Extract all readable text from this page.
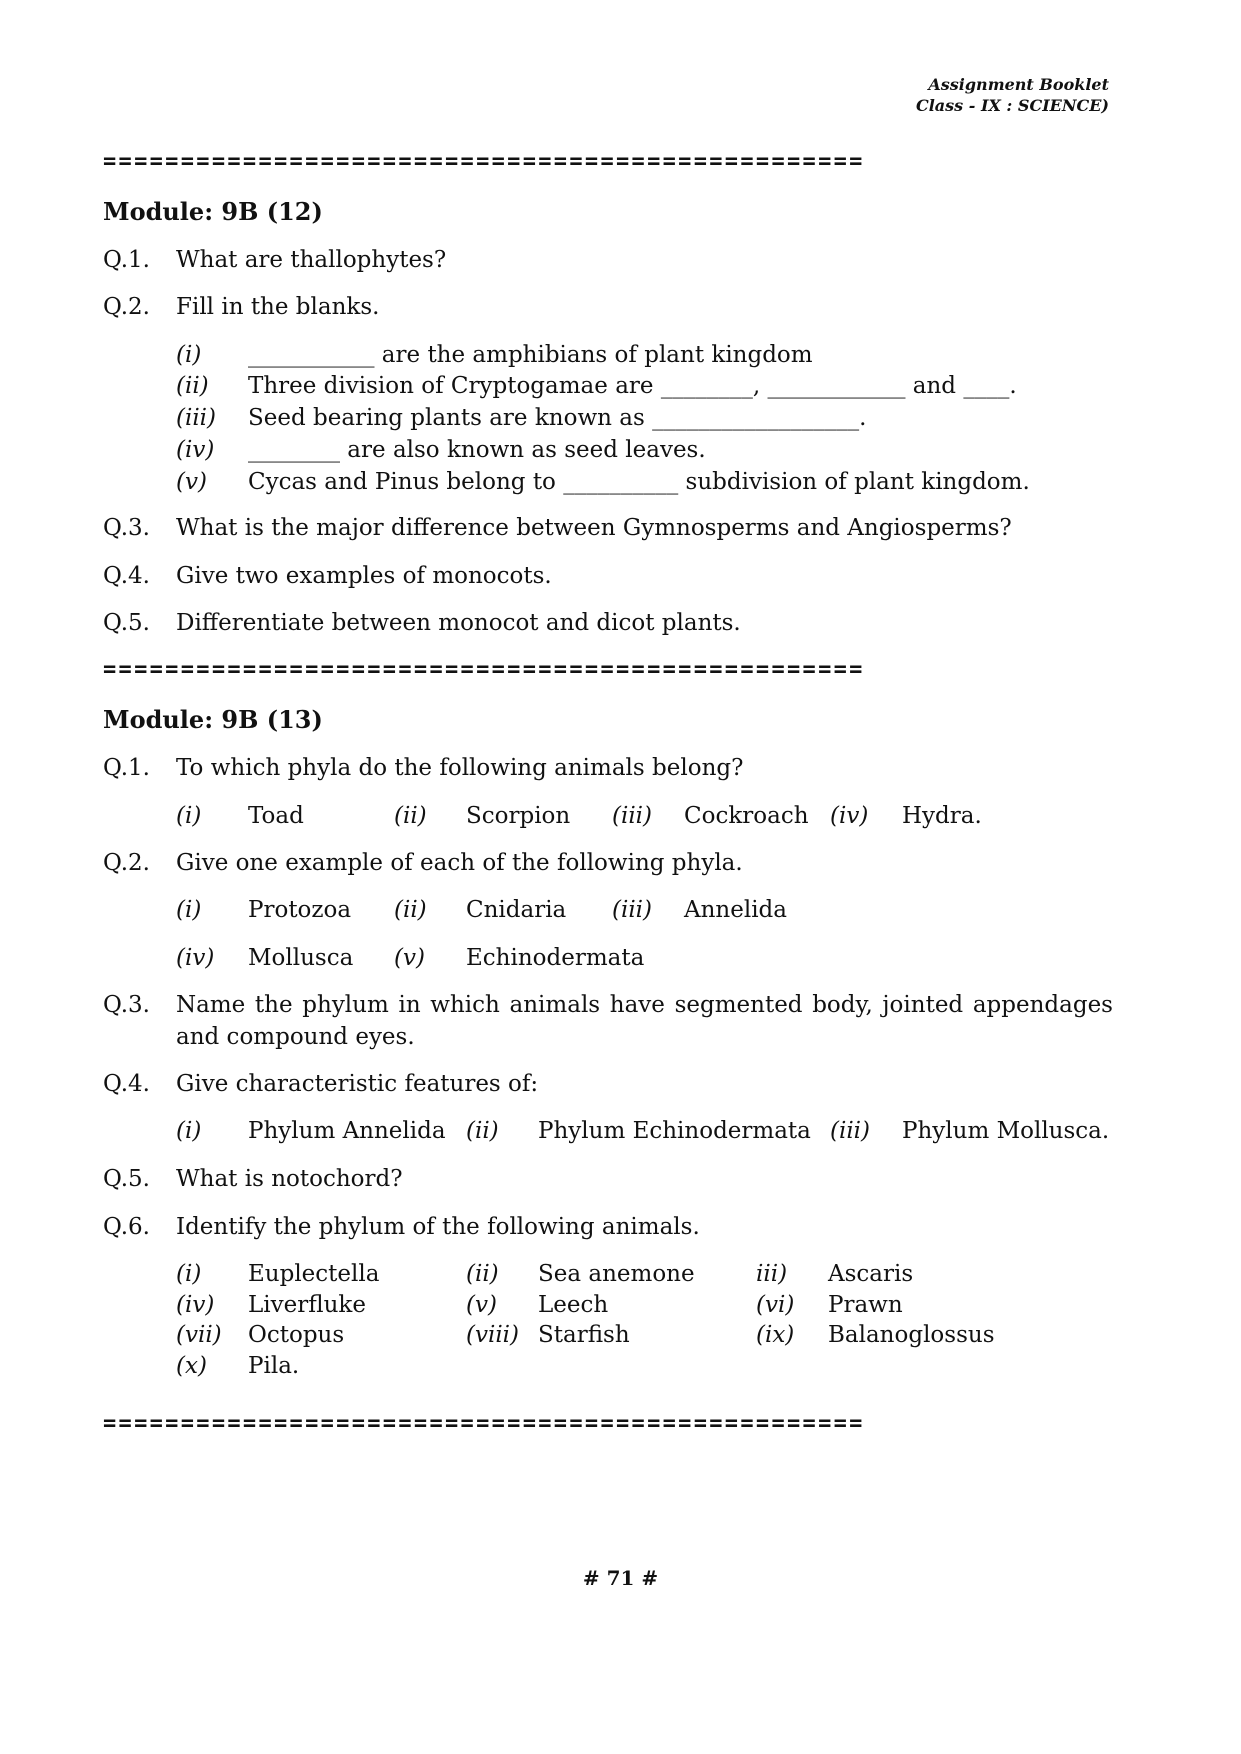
Assignment Booklet
Class - IX : SCIENCE)
=================================================
Module: 9B (12)
Q.1.	What are thallophytes?
Q.2.	Fill in the blanks.
(i) ___________ are the amphibians of plant kingdom
(ii) Three division of Cryptogamae are ________, ____________ and ____.
(iii) Seed bearing plants are known as __________________.
(iv) ________ are also known as seed leaves.
(v) Cycas and Pinus belong to __________ subdivision of plant kingdom.
Q.3.	What is the major difference between Gymnosperms and Angiosperms?
Q.4.	Give two examples of monocots.
Q.5.	Differentiate between monocot and dicot plants.
=================================================
Module: 9B (13)
Q.1.	To which phyla do the following animals belong?
(i) Toad	(ii) Scorpion (iii) Cockroach (iv) Hydra.
Q.2.	Give one example of each of the following phyla.
(i) Protozoa (ii) Cnidaria (iii) Annelida
(iv) Mollusca (v) Echinodermata
Q.3.	Name the phylum in which animals have segmented body, jointed appendages and compound eyes.
Q.4.	Give characteristic features of:
(i) Phylum Annelida (ii) Phylum Echinodermata (iii) Phylum Mollusca.
Q.5.	What is notochord?
Q.6.	Identify the phylum of the following animals.
(i) Euplectella	(ii) Sea anemone	iii) Ascaris
(iv) Liverfluke	(v) Leech	(vi) Prawn
(vii) Octopus	(viii) Starfish	(ix) Balanoglossus
(x) Pila.
=================================================
# 71 #
